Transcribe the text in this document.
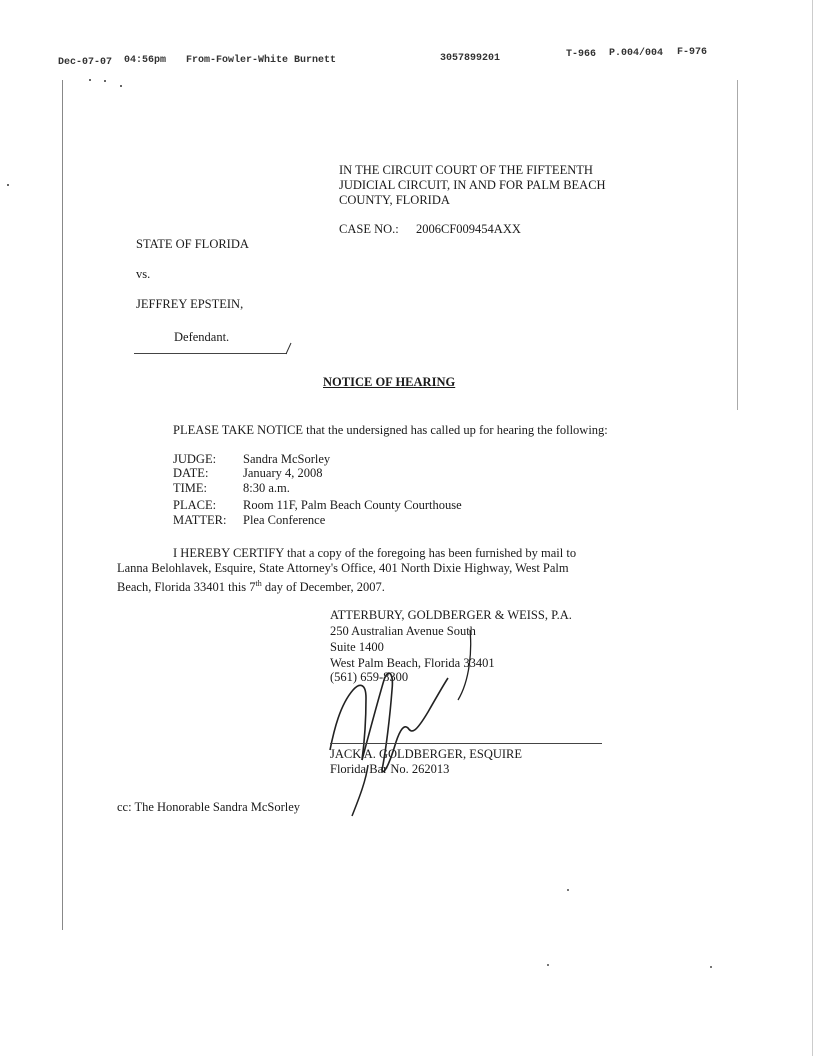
Dec-07-07 04:56pm From-Fowler-White Burnett	3057899201	T-966 P.004/004 F-976
IN THE CIRCUIT COURT OF THE FIFTEENTH JUDICIAL CIRCUIT, IN AND FOR PALM BEACH COUNTY, FLORIDA
CASE NO.: 2006CF009454AXX
STATE OF FLORIDA
vs.
JEFFREY EPSTEIN,
Defendant.
NOTICE OF HEARING
PLEASE TAKE NOTICE that the undersigned has called up for hearing the following:
JUDGE: Sandra McSorley
DATE:	January 4, 2008
TIME:	8:30 a.m.
PLACE: Room 11F, Palm Beach County Courthouse
MATTER: Plea Conference
I HEREBY CERTIFY that a copy of the foregoing has been furnished by mail to Lanna Belohlavek, Esquire, State Attorney's Office, 401 North Dixie Highway, West Palm Beach, Florida 33401 this 7th day of December, 2007.
ATTERBURY, GOLDBERGER & WEISS, P.A.
250 Australian Avenue South
Suite 1400
West Palm Beach, Florida 33401
(561) 659-8300
JACK A. GOLDBERGER, ESQUIRE
Florida Bar No. 262013
cc: The Honorable Sandra McSorley
